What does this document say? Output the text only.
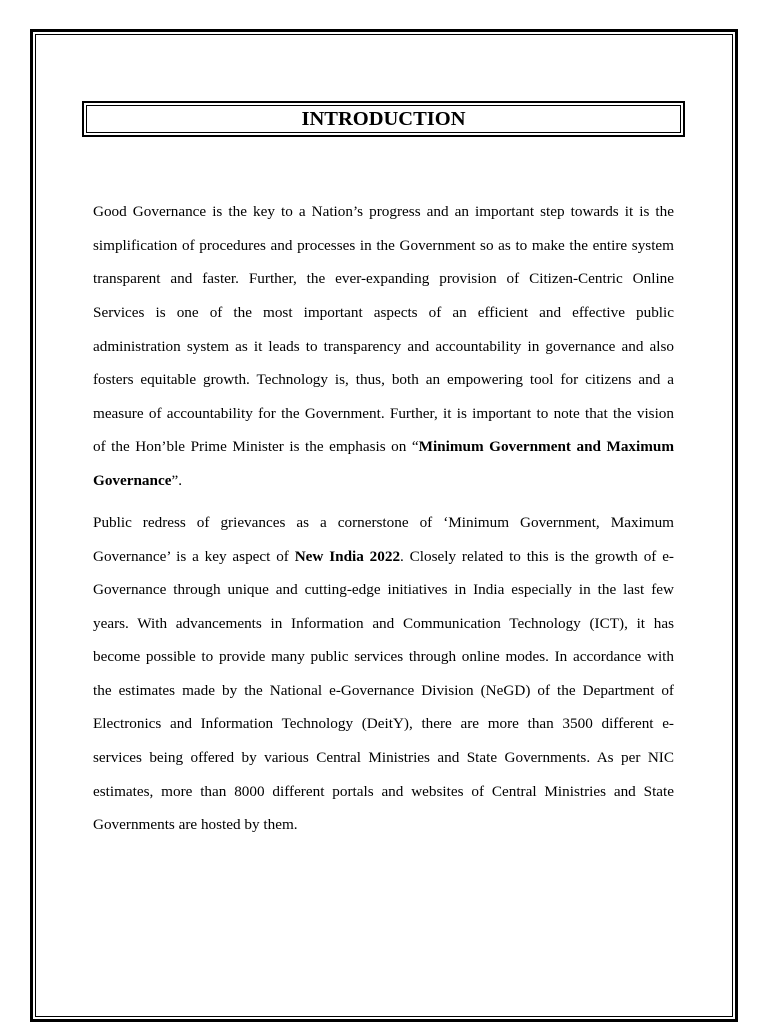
INTRODUCTION
Good Governance is the key to a Nation’s progress and an important step towards it is the
simplification of procedures and processes in the Government so as to make the entire system
transparent and faster. Further, the ever-expanding provision of Citizen-Centric Online
Services is one of the most important aspects of an efficient and effective public
administration system as it leads to transparency and accountability in governance and also
fosters equitable growth. Technology is, thus, both an empowering tool for citizens and a
measure of accountability for the Government. Further, it is important to note that the vision
of the Hon’ble Prime Minister is the emphasis on “Minimum Government and Maximum
Governance”.
Public redress of grievances as a cornerstone of ‘Minimum Government, Maximum
Governance’ is a key aspect of New India 2022. Closely related to this is the growth of e-
Governance through unique and cutting-edge initiatives in India especially in the last few
years. With advancements in Information and Communication Technology (ICT), it has
become possible to provide many public services through online modes. In accordance with
the estimates made by the National e-Governance Division (NeGD) of the Department of
Electronics and Information Technology (DeitY), there are more than 3500 different e-
services being offered by various Central Ministries and State Governments. As per NIC
estimates, more than 8000 different portals and websites of Central Ministries and State
Governments are hosted by them.
